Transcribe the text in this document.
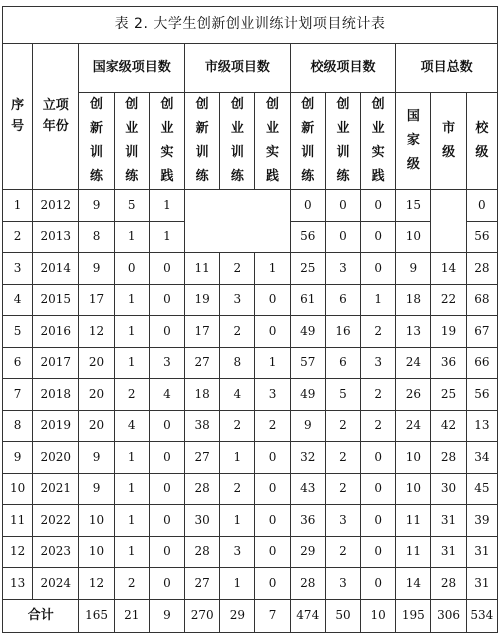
表 2. 大学生创新创业训练计划项目统计表													
序号	立项年份	国家级项目数			市级项目数			校级项目数			项目总数		
		创新训练	创业训练	创业实践	创新训练	创业训练	创业实践	创新训练	创业训练	创业实践	国家级	市级	校级
1	2012	9	5	1				0	0	0	15		0
2	2013	8	1	1				56	0	0	10		56
3	2014	9	0	0	11	2	1	25	3	0	9	14	28
4	2015	17	1	0	19	3	0	61	6	1	18	22	68
5	2016	12	1	0	17	2	0	49	16	2	13	19	67
6	2017	20	1	3	27	8	1	57	6	3	24	36	66
7	2018	20	2	4	18	4	3	49	5	2	26	25	56
8	2019	20	4	0	38	2	2	9	2	2	24	42	13
9	2020	9	1	0	27	1	0	32	2	0	10	28	34
10	2021	9	1	0	28	2	0	43	2	0	10	30	45
11	2022	10	1	0	30	1	0	36	3	0	11	31	39
12	2023	10	1	0	28	3	0	29	2	0	11	31	31
13	2024	12	2	0	27	1	0	28	3	0	14	28	31
合计		165	21	9	270	29	7	474	50	10	195	306	534
